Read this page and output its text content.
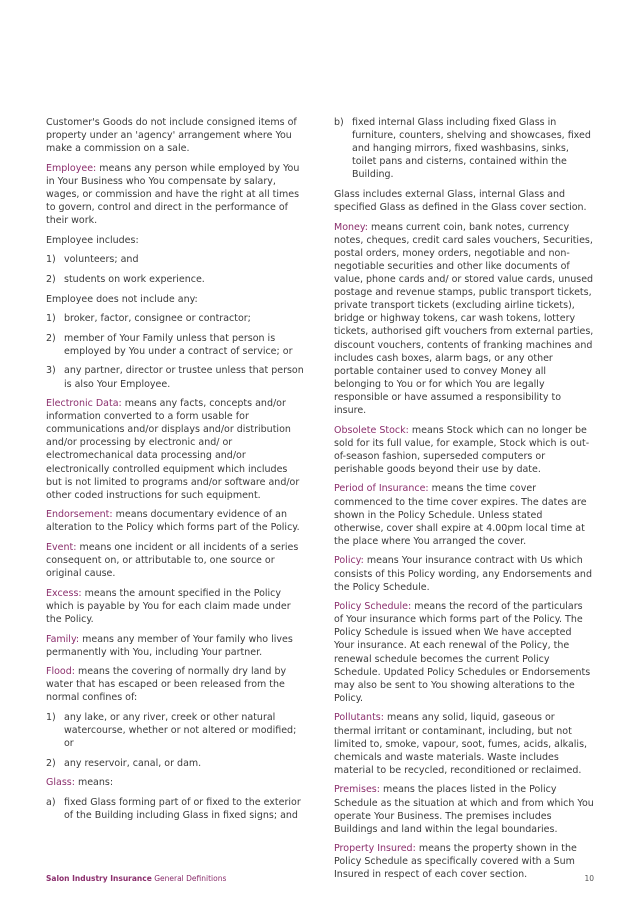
Customer's Goods do not include consigned items of property under an 'agency' arrangement where You make a commission on a sale.

Employee: means any person while employed by You in Your Business who You compensate by salary, wages, or commission and have the right at all times to govern, control and direct in the performance of their work.

Employee includes:

1) volunteers; and
2) students on work experience.

Employee does not include any:

1) broker, factor, consignee or contractor;
2) member of Your Family unless that person is employed by You under a contract of service; or
3) any partner, director or trustee unless that person is also Your Employee.

Electronic Data: means any facts, concepts and/or information converted to a form usable for communications and/or displays and/or distribution and/or processing by electronic and/ or electromechanical data processing and/or electronically controlled equipment which includes but is not limited to programs and/or software and/or other coded instructions for such equipment.

Endorsement: means documentary evidence of an alteration to the Policy which forms part of the Policy.

Event: means one incident or all incidents of a series consequent on, or attributable to, one source or original cause.

Excess: means the amount specified in the Policy which is payable by You for each claim made under the Policy.

Family: means any member of Your family who lives permanently with You, including Your partner.

Flood: means the covering of normally dry land by water that has escaped or been released from the normal confines of:

1) any lake, or any river, creek or other natural watercourse, whether or not altered or modified; or
2) any reservoir, canal, or dam.

Glass: means:

a) fixed Glass forming part of or fixed to the exterior of the Building including Glass in fixed signs; and
b) fixed internal Glass including fixed Glass in furniture, counters, shelving and showcases, fixed and hanging mirrors, fixed washbasins, sinks, toilet pans and cisterns, contained within the Building.

Glass includes external Glass, internal Glass and specified Glass as defined in the Glass cover section.

Money: means current coin, bank notes, currency notes, cheques, credit card sales vouchers, Securities, postal orders, money orders, negotiable and non-negotiable securities and other like documents of value, phone cards and/ or stored value cards, unused postage and revenue stamps, public transport tickets, private transport tickets (excluding airline tickets), bridge or highway tokens, car wash tokens, lottery tickets, authorised gift vouchers from external parties, discount vouchers, contents of franking machines and includes cash boxes, alarm bags, or any other portable container used to convey Money all belonging to You or for which You are legally responsible or have assumed a responsibility to insure.

Obsolete Stock: means Stock which can no longer be sold for its full value, for example, Stock which is out-of-season fashion, superseded computers or perishable goods beyond their use by date.

Period of Insurance: means the time cover commenced to the time cover expires. The dates are shown in the Policy Schedule. Unless stated otherwise, cover shall expire at 4.00pm local time at the place where You arranged the cover.

Policy: means Your insurance contract with Us which consists of this Policy wording, any Endorsements and the Policy Schedule.

Policy Schedule: means the record of the particulars of Your insurance which forms part of the Policy. The Policy Schedule is issued when We have accepted Your insurance. At each renewal of the Policy, the renewal schedule becomes the current Policy Schedule. Updated Policy Schedules or Endorsements may also be sent to You showing alterations to the Policy.

Pollutants: means any solid, liquid, gaseous or thermal irritant or contaminant, including, but not limited to, smoke, vapour, soot, fumes, acids, alkalis, chemicals and waste materials. Waste includes material to be recycled, reconditioned or reclaimed.

Premises: means the places listed in the Policy Schedule as the situation at which and from which You operate Your Business. The premises includes Buildings and land within the legal boundaries.

Property Insured: means the property shown in the Policy Schedule as specifically covered with a Sum Insured in respect of each cover section.

Salon Industry Insurance General Definitions	10
